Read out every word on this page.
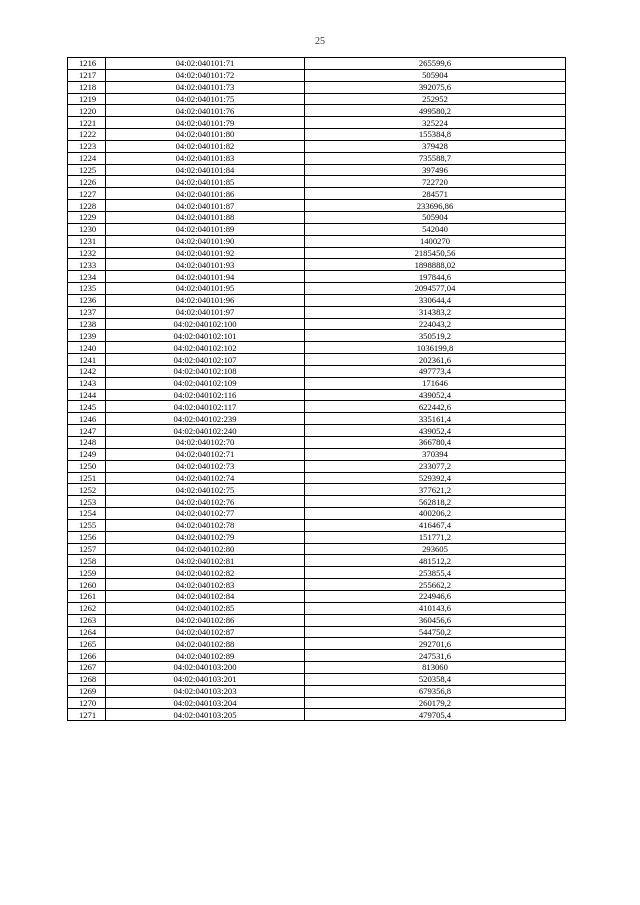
25
1216	04:02:040101:71	265599,6
1217	04:02:040101:72	505904
1218	04:02:040101:73	392075,6
1219	04:02:040101:75	252952
1220	04:02:040101:76	499580,2
1221	04:02:040101:79	325224
1222	04:02:040101:80	155384,8
1223	04:02:040101:82	379428
1224	04:02:040101:83	735588,7
1225	04:02:040101:84	397496
1226	04:02:040101:85	722720
1227	04:02:040101:86	284571
1228	04:02:040101:87	233696,86
1229	04:02:040101:88	505904
1230	04:02:040101:89	542040
1231	04:02:040101:90	1400270
1232	04:02:040101:92	2185450,56
1233	04:02:040101:93	1898888,02
1234	04:02:040101:94	197844,6
1235	04:02:040101:95	2094577,04
1236	04:02:040101:96	330644,4
1237	04:02:040101:97	314383,2
1238	04:02:040102:100	224043,2
1239	04:02:040102:101	350519,2
1240	04:02:040102:102	1036199,8
1241	04:02:040102:107	202361,6
1242	04:02:040102:108	497773,4
1243	04:02:040102:109	171646
1244	04:02:040102:116	439052,4
1245	04:02:040102:117	622442,6
1246	04:02:040102:239	335161,4
1247	04:02:040102:240	439052,4
1248	04:02:040102:70	366780,4
1249	04:02:040102:71	370394
1250	04:02:040102:73	233077,2
1251	04:02:040102:74	529392,4
1252	04:02:040102:75	377621,2
1253	04:02:040102:76	562818,2
1254	04:02:040102:77	400206,2
1255	04:02:040102:78	416467,4
1256	04:02:040102:79	151771,2
1257	04:02:040102:80	293605
1258	04:02:040102:81	481512,2
1259	04:02:040102:82	253855,4
1260	04:02:040102:83	255662,2
1261	04:02:040102:84	224946,6
1262	04:02:040102:85	410143,6
1263	04:02:040102:86	360456,6
1264	04:02:040102:87	544750,2
1265	04:02:040102:88	292701,6
1266	04:02:040102:89	247531,6
1267	04:02:040103:200	813060
1268	04:02:040103:201	520358,4
1269	04:02:040103:203	679356,8
1270	04:02:040103:204	260179,2
1271	04:02:040103:205	479705,4
